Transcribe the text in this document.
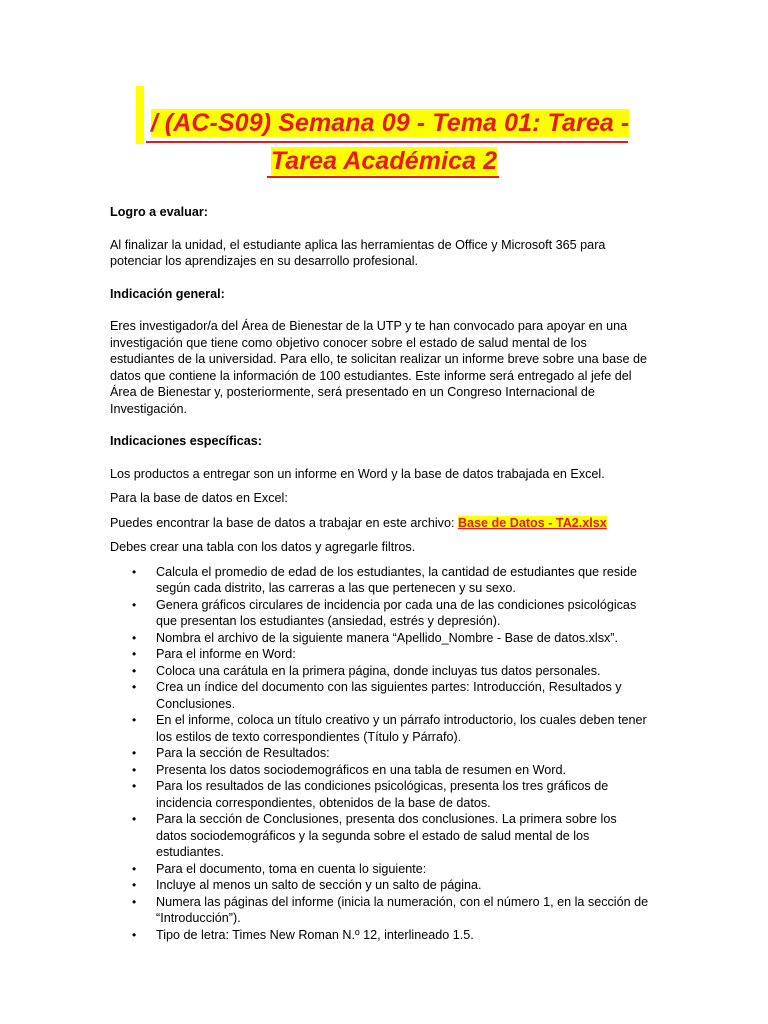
/ (AC-S09) Semana 09 - Tema 01: Tarea -
Tarea Académica 2

Logro a evaluar:

Al finalizar la unidad, el estudiante aplica las herramientas de Office y Microsoft 365 para potenciar los aprendizajes en su desarrollo profesional.

Indicación general:

Eres investigador/a del Área de Bienestar de la UTP y te han convocado para apoyar en una investigación que tiene como objetivo conocer sobre el estado de salud mental de los estudiantes de la universidad. Para ello, te solicitan realizar un informe breve sobre una base de datos que contiene la información de 100 estudiantes. Este informe será entregado al jefe del Área de Bienestar y, posteriormente, será presentado en un Congreso Internacional de Investigación.

Indicaciones específicas:

Los productos a entregar son un informe en Word y la base de datos trabajada en Excel.

Para la base de datos en Excel:

Puedes encontrar la base de datos a trabajar en este archivo: Base de Datos - TA2.xlsx

Debes crear una tabla con los datos y agregarle filtros.

• Calcula el promedio de edad de los estudiantes, la cantidad de estudiantes que reside según cada distrito, las carreras a las que pertenecen y su sexo.
• Genera gráficos circulares de incidencia por cada una de las condiciones psicológicas que presentan los estudiantes (ansiedad, estrés y depresión).
• Nombra el archivo de la siguiente manera “Apellido_Nombre - Base de datos.xlsx”.
• Para el informe en Word:
• Coloca una carátula en la primera página, donde incluyas tus datos personales.
• Crea un índice del documento con las siguientes partes: Introducción, Resultados y Conclusiones.
• En el informe, coloca un título creativo y un párrafo introductorio, los cuales deben tener los estilos de texto correspondientes (Título y Párrafo).
• Para la sección de Resultados:
• Presenta los datos sociodemográficos en una tabla de resumen en Word.
• Para los resultados de las condiciones psicológicas, presenta los tres gráficos de incidencia correspondientes, obtenidos de la base de datos.
• Para la sección de Conclusiones, presenta dos conclusiones. La primera sobre los datos sociodemográficos y la segunda sobre el estado de salud mental de los estudiantes.
• Para el documento, toma en cuenta lo siguiente:
• Incluye al menos un salto de sección y un salto de página.
• Numera las páginas del informe (inicia la numeración, con el número 1, en la sección de “Introducción”).
• Tipo de letra: Times New Roman N.º 12, interlineado 1.5.
